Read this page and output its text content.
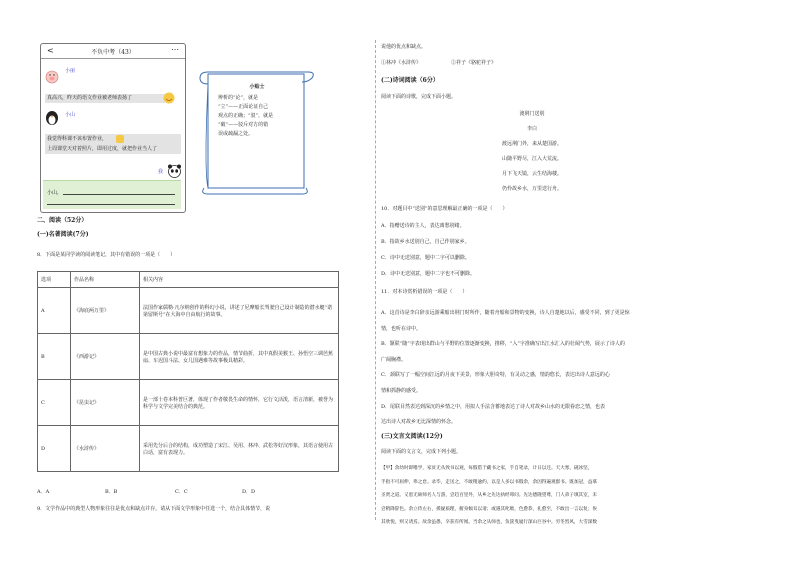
<	不负中考（43）	⋯
小丽
真高兴，昨天的语文作业被老师表扬了
小山
我觉得科课不该布置作业，

上周课堂天对着照片，即用过度，就把作业当人了
我
小山，
小贴士
辨析的“论”，就是
“立”——正面论证自己
观点的正确；“驳”，就是
“破”——驳斥对方的错
误或疏漏之处。
二、阅读（52分）
(一)名著阅读(7分)
8．下面是某同学读的阅读笔记，其中有错误的一项是（　　）
选项	作品名称	相关内容
A	《海底两万里》	法国作家儒勒·凡尔纳创作的科幻小说，讲述了尼摩船长驾驶自己设计制造的潜水艇“诺第留斯号”在大海中自由航行的故事。
B	《西游记》	是中国古典小说中最富有想象力的作品，情节曲折，其中真假美猴王、孙悟空三调芭蕉扇、车迟国斗法、女儿国遇难等故事极具精彩。
C	《昆虫记》	是一部十卷本科普巨著，体现了作者敬畏生命的情怀，它行文活泼，语言清新，被誉为科学与文学完美结合的典范。
D	《水浒传》	采用先分后合的结构，成功塑造了宋江、吴用、林冲、武松等好汉形象，其语言使用古白话，富有表现力。
A．A	B．B	C．C	D．D
9．文学作品中的典型人物形象往往是优点和缺点并存。请从下面文学形象中任选一个，结合具体情节，说
说他的优点和缺点。
①林冲《水浒传》	②祥子《骆驼祥子》
(二)诗词阅读（6分）
阅读下面的诗歌，完成下面小题。
渡荆门送别
李白
渡远荆门外，来从楚国游。
山随平野尽，江入大荒流。
月下飞天镜，云生结海楼。
仍怜故乡水，万里送行舟。
10．对题目中“送别”的意思理解最正确的一项是（　　）
A．指赠送诗的主人，表达离愁别绪。
B．指故乡水送别自己，自己作别家乡。
C．诗中无送别意，题中二字可以删除。
D．诗中无送别意，题中二字也不可删除。
11．对本诗赏析错误的一项是（　　）
A．这首诗是李白辞亲远游乘船出荆门时所作，随着舟船和景物的变换，诗人自楚地以后，感受不同，到了更是惊
情，也听在诗中。
B．颔联“随”字表现出群山与平野的位置逐渐变换，推移，“入”字准确写出江水汇入的壮阔气势，展示了诗人的
广阔胸襟。
C．颈联写了一幅空间江远的月夜下美景，形象大胆奇特，有灵动之感，情韵悠长，表达出诗人意远的心
情和抓静的感受。
D．尾联目然表达到深沉的乡情之中，用拟人手法含蓄地表达了诗人对故乡山水的无限眷恋之情，也表
达出诗人对故乡无比深情的怀念。
(三)文言文阅读(12分)
阅读下面的文言文，完成下列小题。
【甲】余幼时即嗜学，家贫无从致书以观，每假借于藏书之家，手自笔录，计日以还。天大寒，砚冰坚，
手指不可屈伸，弗之怠。录毕，走送之，不敢稍逾约。以是人多以书假余，余因得遍观群书。既加冠，益慕
圣贤之道。又患无硕师名人与游，尝趋百里外，从乡之先达执经叩问。先达德隆望尊，门人弟子填其室，未
尝稍降辞色。余立侍左右，援疑质理，俯身倾耳以请；或遇其叱咄，色愈恭，礼愈至，不敢出一言以复；俟
其欣悦，则又请焉。故余虽愚，卒获有所闻。当余之从师也，负箧曳屣行深山巨谷中。穷冬烈风，大雪深数
